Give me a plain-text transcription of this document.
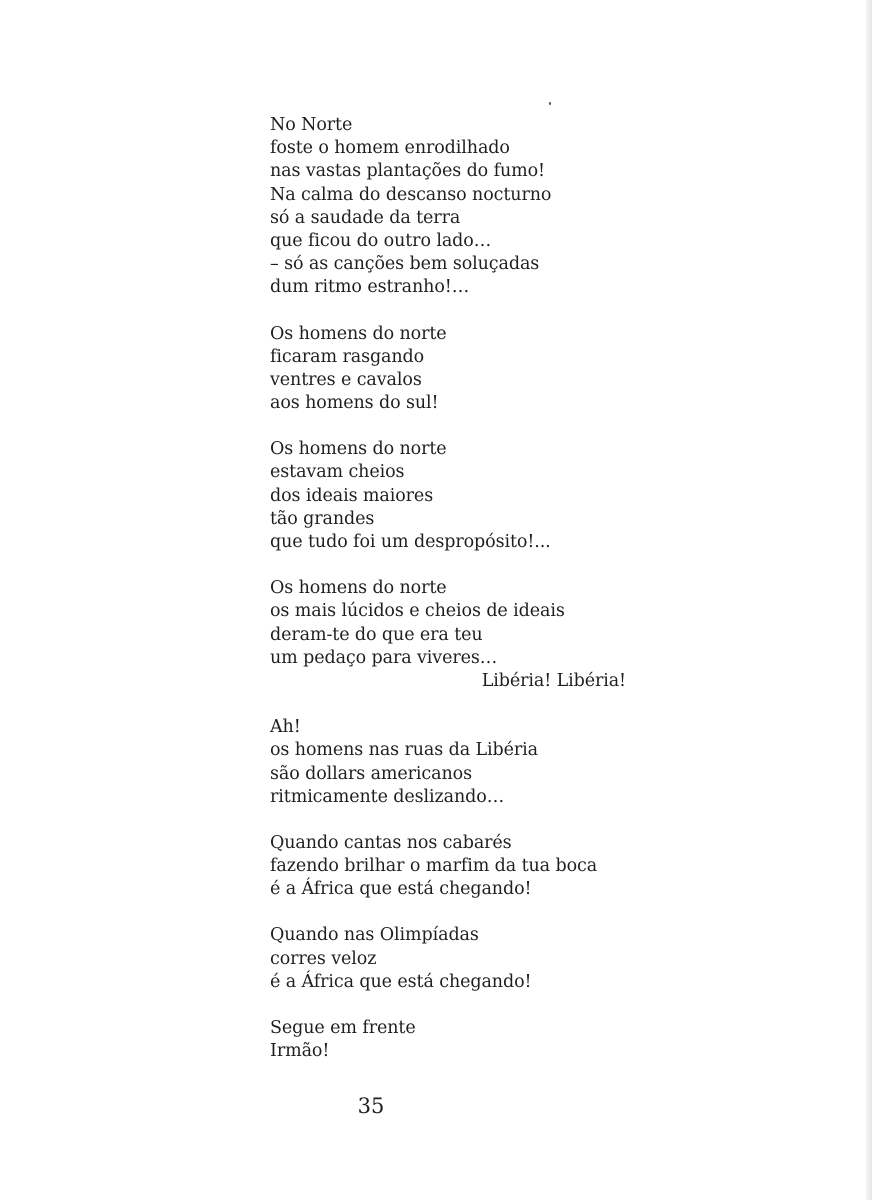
No Norte
foste o homem enrodilhado
nas vastas plantações do fumo!
Na calma do descanso nocturno
só a saudade da terra
que ficou do outro lado…
– só as canções bem soluçadas
dum ritmo estranho!…
Os homens do norte
ficaram rasgando
ventres e cavalos
aos homens do sul!
Os homens do norte
estavam cheios
dos ideais maiores
tão grandes
que tudo foi um despropósito!...
Os homens do norte
os mais lúcidos e cheios de ideais
deram-te do que era teu
um pedaço para viveres…
Libéria! Libéria!
Ah!
os homens nas ruas da Libéria
são dollars americanos
ritmicamente deslizando…
Quando cantas nos cabarés
fazendo brilhar o marfim da tua boca
é a África que está chegando!
Quando nas Olimpíadas
corres veloz
é a África que está chegando!
Segue em frente
Irmão!
35
